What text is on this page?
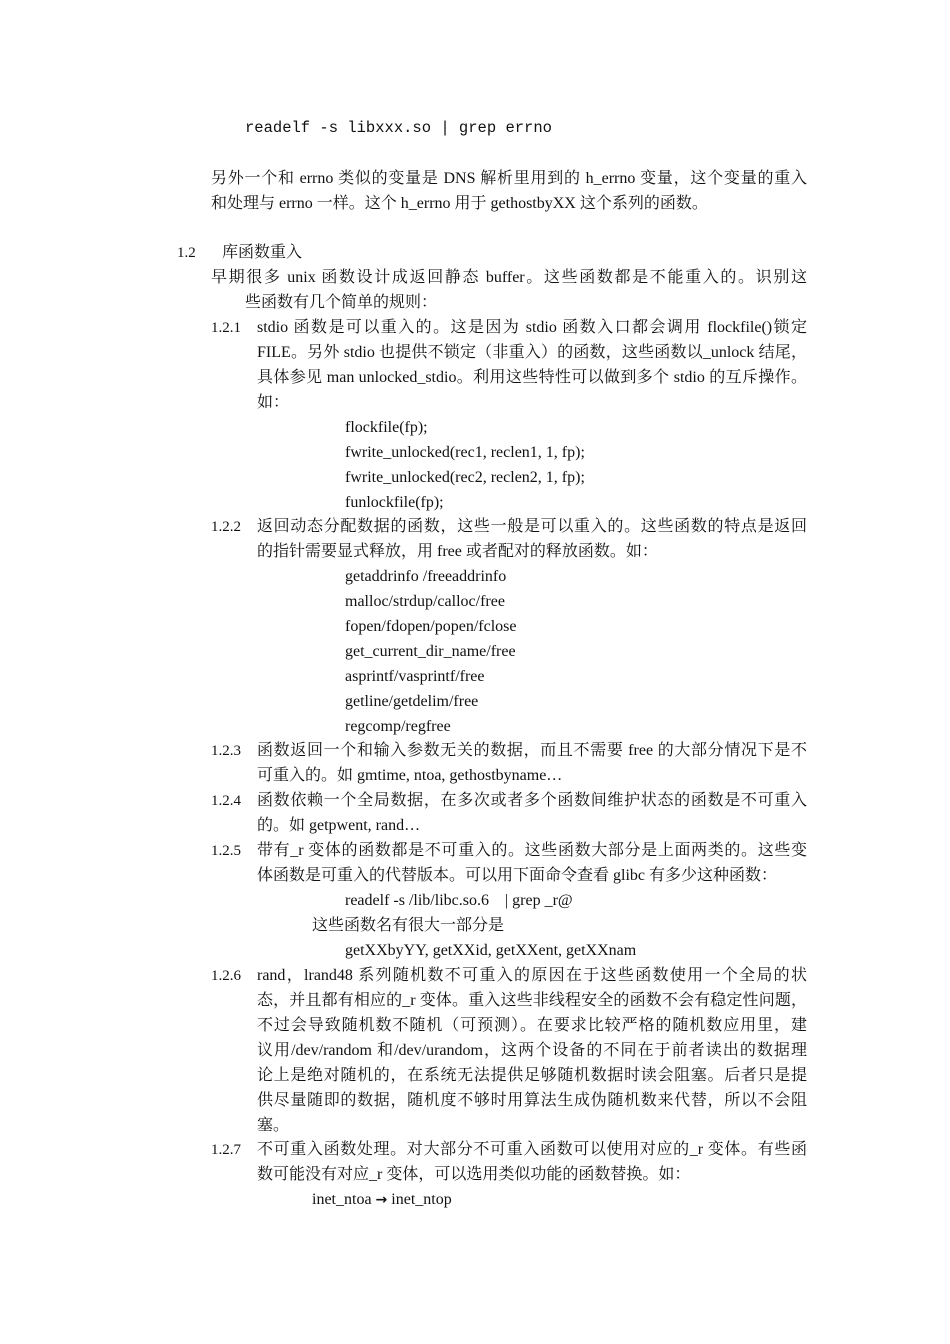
readelf -s libxxx.so | grep errno
另外一个和 errno 类似的变量是 DNS 解析里用到的 h_errno 变量，这个变量的重入
和处理与 errno 一样。这个 h_errno 用于 gethostbyXX 这个系列的函数。
1.2 库函数重入
早期很多 unix 函数设计成返回静态 buffer。这些函数都是不能重入的。识别这
些函数有几个简单的规则：
1.2.1 stdio 函数是可以重入的。这是因为 stdio 函数入口都会调用 flockfile()锁定
FILE。另外 stdio 也提供不锁定（非重入）的函数，这些函数以_unlock 结尾，
具体参见 man unlocked_stdio。利用这些特性可以做到多个 stdio 的互斥操作。
如：
flockfile(fp);
fwrite_unlocked(rec1, reclen1, 1, fp);
fwrite_unlocked(rec2, reclen2, 1, fp);
funlockfile(fp);
1.2.2 返回动态分配数据的函数，这些一般是可以重入的。这些函数的特点是返回
的指针需要显式释放，用 free 或者配对的释放函数。如：
getaddrinfo /freeaddrinfo
malloc/strdup/calloc/free
fopen/fdopen/popen/fclose
get_current_dir_name/free
asprintf/vasprintf/free
getline/getdelim/free
regcomp/regfree
1.2.3 函数返回一个和输入参数无关的数据，而且不需要 free 的大部分情况下是不
可重入的。如 gmtime, ntoa, gethostbyname…
1.2.4 函数依赖一个全局数据，在多次或者多个函数间维护状态的函数是不可重入
的。如 getpwent, rand…
1.2.5 带有_r 变体的函数都是不可重入的。这些函数大部分是上面两类的。这些变
体函数是可重入的代替版本。可以用下面命令查看 glibc 有多少这种函数：
readelf -s /lib/libc.so.6    | grep _r@
这些函数名有很大一部分是
getXXbyYY, getXXid, getXXent, getXXnam
1.2.6 rand，lrand48 系列随机数不可重入的原因在于这些函数使用一个全局的状
态，并且都有相应的_r 变体。重入这些非线程安全的函数不会有稳定性问题，
不过会导致随机数不随机（可预测）。在要求比较严格的随机数应用里，建
议用/dev/random 和/dev/urandom，这两个设备的不同在于前者读出的数据理
论上是绝对随机的，在系统无法提供足够随机数据时读会阻塞。后者只是提
供尽量随即的数据，随机度不够时用算法生成伪随机数来代替，所以不会阻
塞。
1.2.7 不可重入函数处理。对大部分不可重入函数可以使用对应的_r 变体。有些函
数可能没有对应_r 变体，可以选用类似功能的函数替换。如：
inet_ntoa → inet_ntop
